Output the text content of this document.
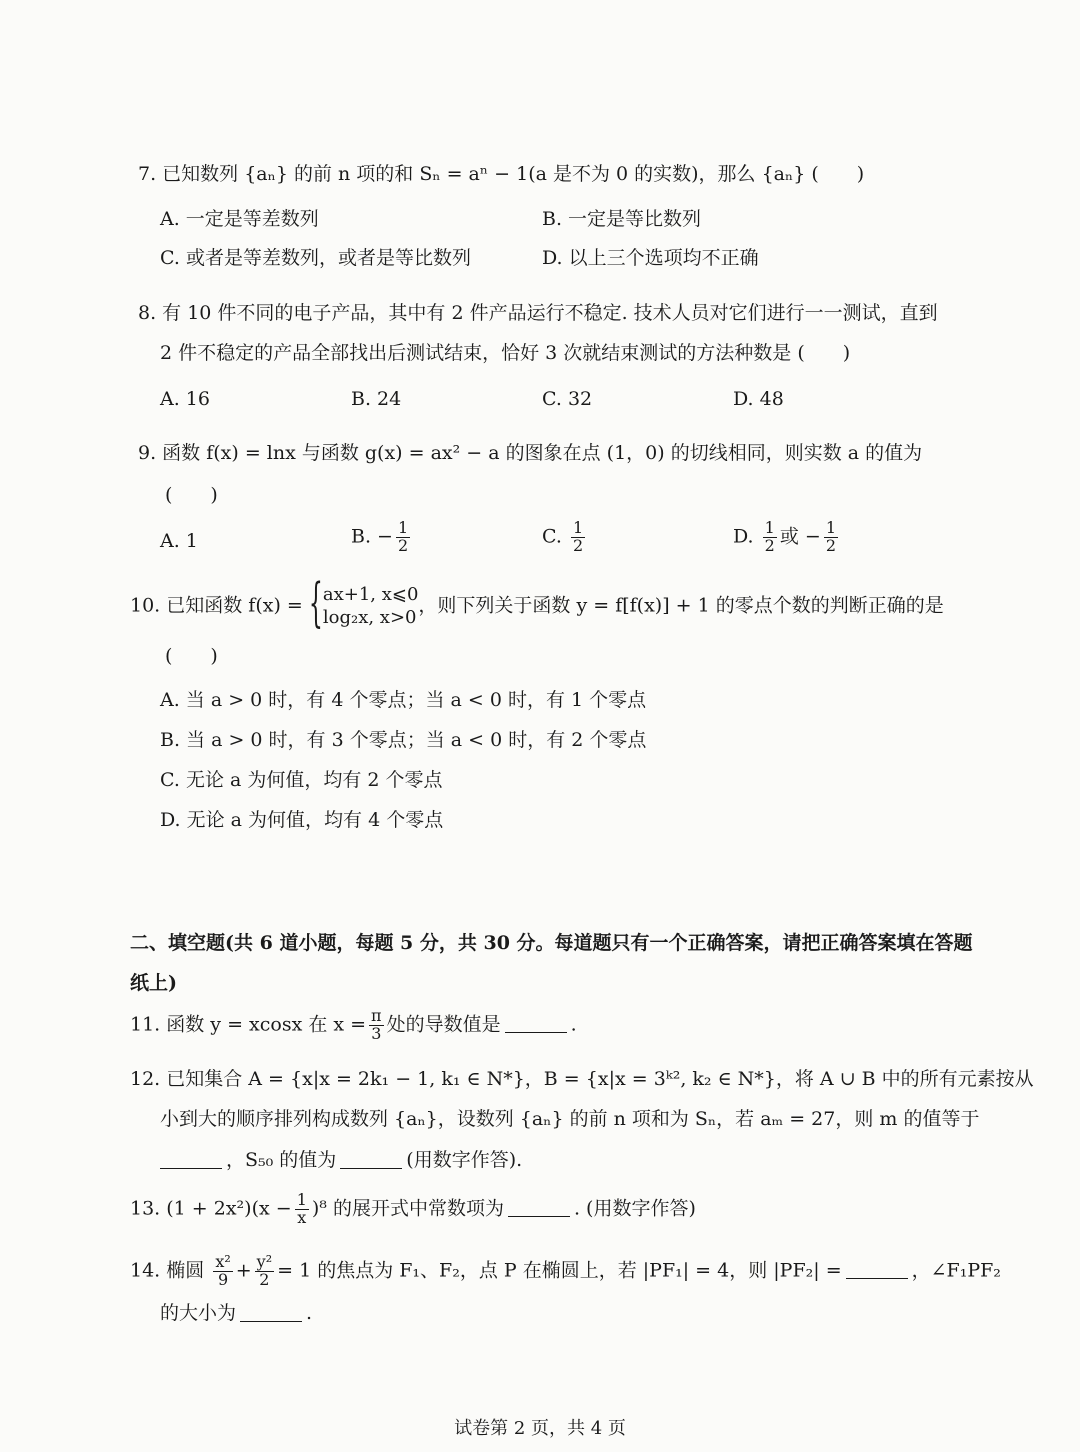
7. 已知数列 {aₙ} 的前 n 项的和 Sₙ = aⁿ − 1(a 是不为 0 的实数)，那么 {aₙ} (　　)
A. 一定是等差数列	B. 一定是等比数列
C. 或者是等差数列，或者是等比数列	D. 以上三个选项均不正确
8. 有 10 件不同的电子产品，其中有 2 件产品运行不稳定. 技术人员对它们进行一一测试，直到
2 件不稳定的产品全部找出后测试结束，恰好 3 次就结束测试的方法种数是 (　　)
A. 16	B. 24	C. 32	D. 48
9. 函数 f(x) = lnx 与函数 g(x) = ax² − a 的图象在点 (1，0) 的切线相同，则实数 a 的值为
(　　)
A. 1	B. − $\frac{1}{2}$	C. $\frac{1}{2}$	D. $\frac{1}{2}$ 或 − $\frac{1}{2}$
10. 已知函数 f(x) = { ax+1, x⩽0
log₂x, x>0
，则下列关于函数 y = f[f(x)] + 1 的零点个数的判断正确的是
(　　)
A. 当 a > 0 时，有 4 个零点；当 a < 0 时，有 1 个零点
B. 当 a > 0 时，有 3 个零点；当 a < 0 时，有 2 个零点
C. 无论 a 为何值，均有 2 个零点
D. 无论 a 为何值，均有 4 个零点
二、填空题(共 6 道小题，每题 5 分，共 30 分。每道题只有一个正确答案，请把正确答案填在答题
纸上)
11. 函数 y = xcosx 在 $x = \frac{\pi}{3}$ 处的导数值是	.
12. 已知集合 A = {x|x = 2k₁ − 1, k₁ ∈ N*}，B = {x|x = 3ᵏ², k₂ ∈ N*}，将 A ∪ B 中的所有元素按从
小到大的顺序排列构成数列 {aₙ}，设数列 {aₙ} 的前 n 项和为 Sₙ，若 aₘ = 27，则 m 的值等于
，S₅₀ 的值为	(用数字作答).
13. $(1 + 2x^2)(x - \frac{1}{x} )^8$ 的展开式中常数项为	. (用数字作答)
14. 椭圆 $\frac{\text{x²}}{9} + \frac{\text{y²}}{2} = 1$ 的焦点为 F₁、F₂，点 P 在椭圆上，若 |PF₁| = 4，则 |PF₂| =	，∠F₁PF₂
的大小为	.
试卷第 2 页，共 4 页
